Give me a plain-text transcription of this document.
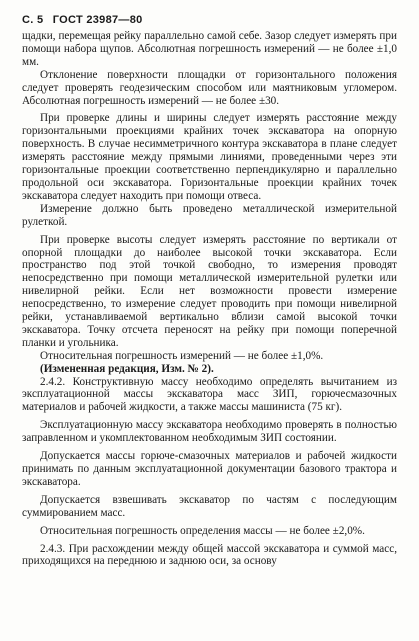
С. 5 ГОСТ 23987—80

щадки, перемещая рейку параллельно самой себе. Зазор следует измерять при помощи набора щупов. Абсолютная погрешность измерений — не более ±1,0 мм.

Отклонение поверхности площадки от горизонтального положения следует проверять геодезическим способом или маятниковым угломером. Абсолютная погрешность измерений — не более ±30.

При проверке длины и ширины следует измерять расстояние между горизонтальными проекциями крайних точек экскаватора на опорную поверхность. В случае несимметричного контура экскаватора в плане следует измерять расстояние между прямыми линиями, проведенными через эти горизонтальные проекции соответственно перпендикулярно и параллельно продольной оси экскаватора. Горизонтальные проекции крайних точек экскаватора следует находить при помощи отвеса.

Измерение должно быть проведено металлической измерительной рулеткой.

При проверке высоты следует измерять расстояние по вертикали от опорной площадки до наиболее высокой точки экскаватора. Если пространство под этой точкой свободно, то измерения проводят непосредственно при помощи металлической измерительной рулетки или нивелирной рейки. Если нет возможности провести измерение непосредственно, то измерение следует проводить при помощи нивелирной рейки, устанавливаемой вертикально вблизи самой высокой точки экскаватора. Точку отсчета переносят на рейку при помощи поперечной планки и угольника.

Относительная погрешность измерений — не более ±1,0%.

(Измененная редакция, Изм. № 2).

2.4.2. Конструктивную массу необходимо определять вычитанием из эксплуатационной массы экскаватора масс ЗИП, горючесмазочных материалов и рабочей жидкости, а также массы машиниста (75 кг).

Эксплуатационную массу экскаватора необходимо проверять в полностью заправленном и укомплектованном необходимым ЗИП состоянии.

Допускается массы горюче-смазочных материалов и рабочей жидкости принимать по данным эксплуатационной документации базового трактора и экскаватора.

Допускается взвешивать экскаватор по частям с последующим суммированием масс.

Относительная погрешность определения массы — не более ±2,0%.

2.4.3. При расхождении между общей массой экскаватора и суммой масс, приходящихся на переднюю и заднюю оси, за основу
